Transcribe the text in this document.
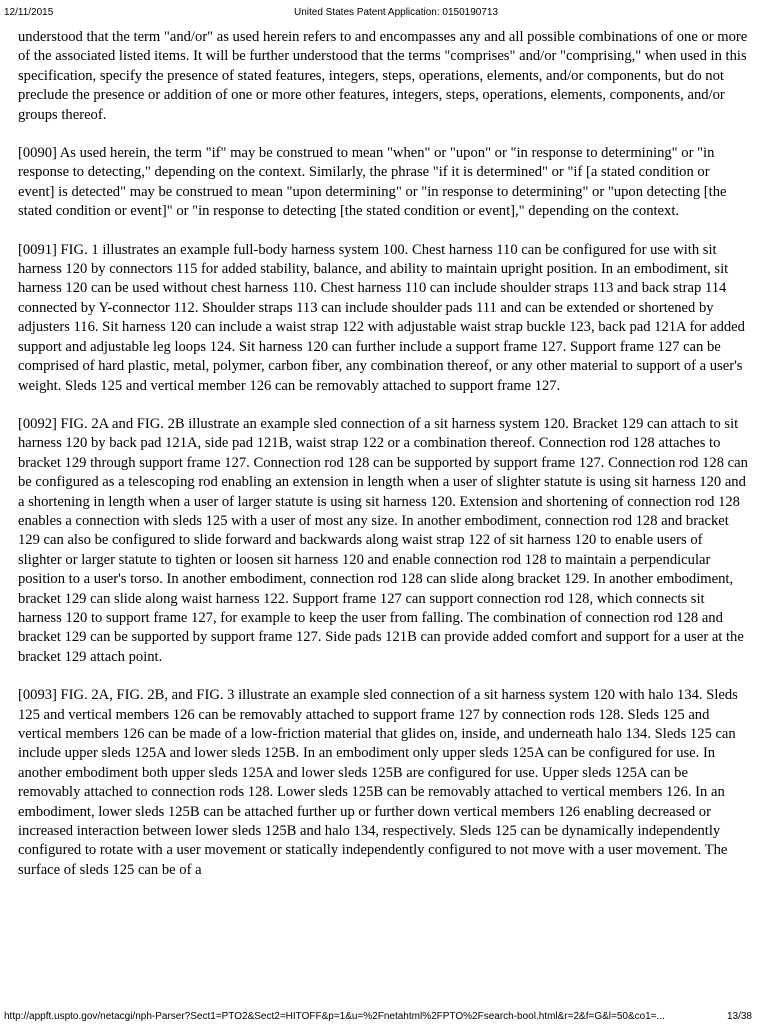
12/11/2015	United States Patent Application: 0150190713

understood that the term "and/or" as used herein refers to and encompasses any and all possible combinations of one or more of the associated listed items. It will be further understood that the terms "comprises" and/or "comprising," when used in this specification, specify the presence of stated features, integers, steps, operations, elements, and/or components, but do not preclude the presence or addition of one or more other features, integers, steps, operations, elements, components, and/or groups thereof.

[0090] As used herein, the term "if" may be construed to mean "when" or "upon" or "in response to determining" or "in response to detecting," depending on the context. Similarly, the phrase "if it is determined" or "if [a stated condition or event] is detected" may be construed to mean "upon determining" or "in response to determining" or "upon detecting [the stated condition or event]" or "in response to detecting [the stated condition or event]," depending on the context.

[0091] FIG. 1 illustrates an example full-body harness system 100. Chest harness 110 can be configured for use with sit harness 120 by connectors 115 for added stability, balance, and ability to maintain upright position. In an embodiment, sit harness 120 can be used without chest harness 110. Chest harness 110 can include shoulder straps 113 and back strap 114 connected by Y-connector 112. Shoulder straps 113 can include shoulder pads 111 and can be extended or shortened by adjusters 116. Sit harness 120 can include a waist strap 122 with adjustable waist strap buckle 123, back pad 121A for added support and adjustable leg loops 124. Sit harness 120 can further include a support frame 127. Support frame 127 can be comprised of hard plastic, metal, polymer, carbon fiber, any combination thereof, or any other material to support of a user's weight. Sleds 125 and vertical member 126 can be removably attached to support frame 127.

[0092] FIG. 2A and FIG. 2B illustrate an example sled connection of a sit harness system 120. Bracket 129 can attach to sit harness 120 by back pad 121A, side pad 121B, waist strap 122 or a combination thereof. Connection rod 128 attaches to bracket 129 through support frame 127. Connection rod 128 can be supported by support frame 127. Connection rod 128 can be configured as a telescoping rod enabling an extension in length when a user of slighter statute is using sit harness 120 and a shortening in length when a user of larger statute is using sit harness 120. Extension and shortening of connection rod 128 enables a connection with sleds 125 with a user of most any size. In another embodiment, connection rod 128 and bracket 129 can also be configured to slide forward and backwards along waist strap 122 of sit harness 120 to enable users of slighter or larger statute to tighten or loosen sit harness 120 and enable connection rod 128 to maintain a perpendicular position to a user's torso. In another embodiment, connection rod 128 can slide along bracket 129. In another embodiment, bracket 129 can slide along waist harness 122. Support frame 127 can support connection rod 128, which connects sit harness 120 to support frame 127, for example to keep the user from falling. The combination of connection rod 128 and bracket 129 can be supported by support frame 127. Side pads 121B can provide added comfort and support for a user at the bracket 129 attach point.

[0093] FIG. 2A, FIG. 2B, and FIG. 3 illustrate an example sled connection of a sit harness system 120 with halo 134. Sleds 125 and vertical members 126 can be removably attached to support frame 127 by connection rods 128. Sleds 125 and vertical members 126 can be made of a low-friction material that glides on, inside, and underneath halo 134. Sleds 125 can include upper sleds 125A and lower sleds 125B. In an embodiment only upper sleds 125A can be configured for use. In another embodiment both upper sleds 125A and lower sleds 125B are configured for use. Upper sleds 125A can be removably attached to connection rods 128. Lower sleds 125B can be removably attached to vertical members 126. In an embodiment, lower sleds 125B can be attached further up or further down vertical members 126 enabling decreased or increased interaction between lower sleds 125B and halo 134, respectively. Sleds 125 can be dynamically independently configured to rotate with a user movement or statically independently configured to not move with a user movement. The surface of sleds 125 can be of a

http://appft.uspto.gov/netacgi/nph-Parser?Sect1=PTO2&Sect2=HITOFF&p=1&u=%2Fnetahtml%2FPTO%2Fsearch-bool.html&r=2&f=G&l=50&co1=...	13/38
